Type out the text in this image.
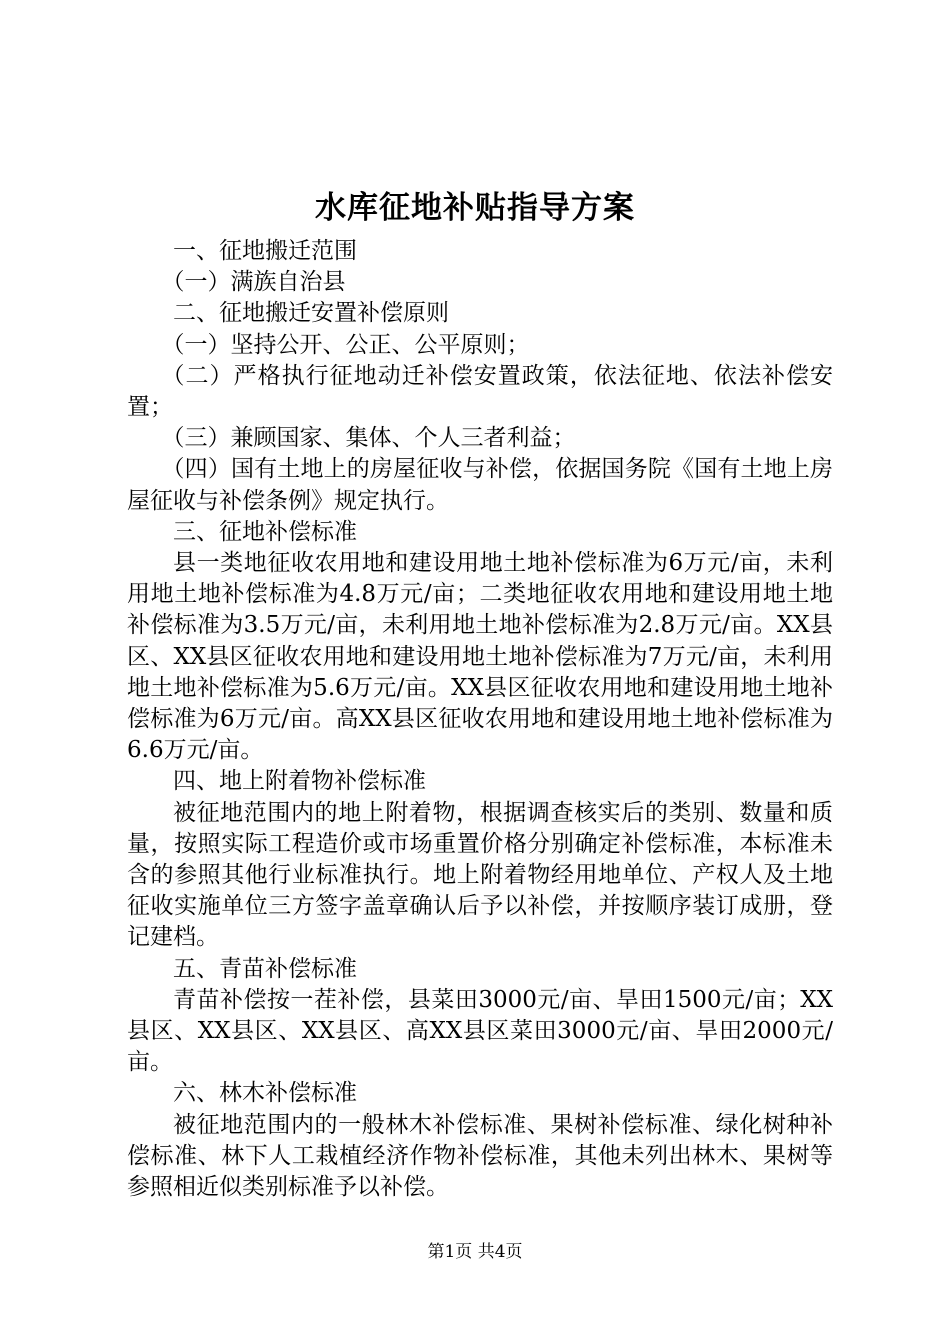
水库征地补贴指导方案

一、征地搬迁范围

（一）满族自治县

二、征地搬迁安置补偿原则

（一）坚持公开、公正、公平原则；

（二）严格执行征地动迁补偿安置政策，依法征地、依法补偿安置；

（三）兼顾国家、集体、个人三者利益；

（四）国有土地上的房屋征收与补偿，依据国务院《国有土地上房屋征收与补偿条例》规定执行。

三、征地补偿标准

县一类地征收农用地和建设用地土地补偿标准为6万元/亩，未利用地土地补偿标准为4.8万元/亩；二类地征收农用地和建设用地土地补偿标准为3.5万元/亩，未利用地土地补偿标准为2.8万元/亩。XX县区、XX县区征收农用地和建设用地土地补偿标准为7万元/亩，未利用地土地补偿标准为5.6万元/亩。XX县区征收农用地和建设用地土地补偿标准为6万元/亩。高XX县区征收农用地和建设用地土地补偿标准为6.6万元/亩。

四、地上附着物补偿标准

被征地范围内的地上附着物，根据调查核实后的类别、数量和质量，按照实际工程造价或市场重置价格分别确定补偿标准，本标准未含的参照其他行业标准执行。地上附着物经用地单位、产权人及土地征收实施单位三方签字盖章确认后予以补偿，并按顺序装订成册，登记建档。

五、青苗补偿标准

青苗补偿按一茬补偿，县菜田3000元/亩、旱田1500元/亩；XX县区、XX县区、XX县区、高XX县区菜田3000元/亩、旱田2000元/亩。

六、林木补偿标准

被征地范围内的一般林木补偿标准、果树补偿标准、绿化树种补偿标准、林下人工栽植经济作物补偿标准，其他未列出林木、果树等参照相近似类别标准予以补偿。

第1页 共4页
